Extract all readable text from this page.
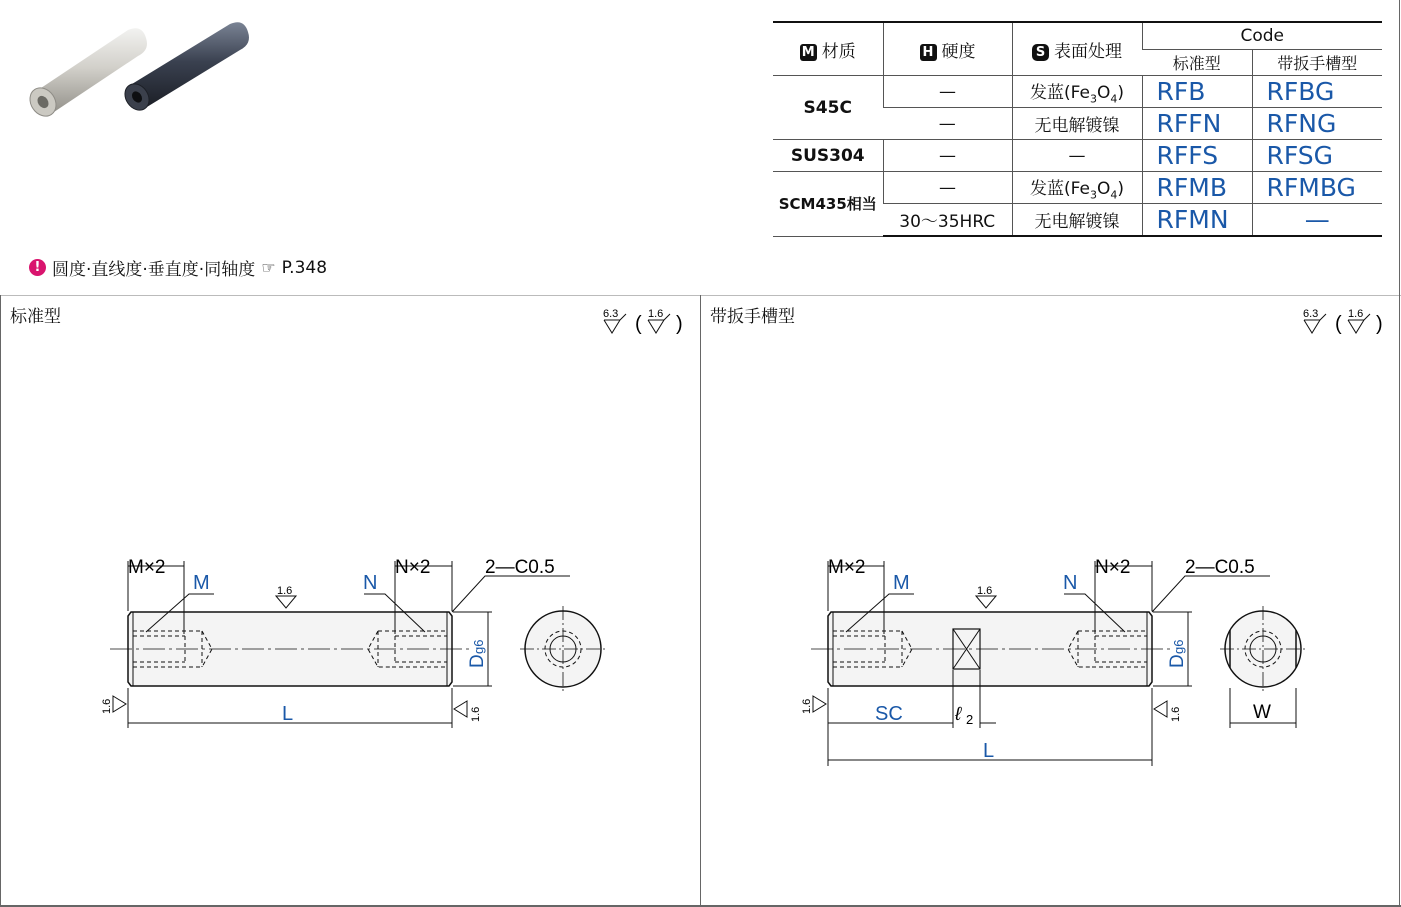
M 材质	H 硬度	S 表面处理	Code	
			标准型	带扳手槽型
S45C	—	发蓝$(Fe_3O_4)$	RFB	RFBG
	—	无电解镀镍	RFFN	RFNG
SUS304	—	—	RFFS	RFSG
SCM435相当	—	发蓝$(Fe_3O_4)$	RFMB	RFMBG
	30～35HRC	无电解镀镍	RFMN	—
! 圆度·直线度·垂直度·同轴度 ☞ P.348
标准型	带扳手槽型
6.3 ( 1.6 )
M×2	N×2
M	N
2—C0.5
1.6
L
D
g6
1.6
1.6
6.3 ( 1.6 )
M×2	N×2
M	N
2—C0.5
1.6
SC	ℓ 2
L
W
D
g6
1.6
1.6
